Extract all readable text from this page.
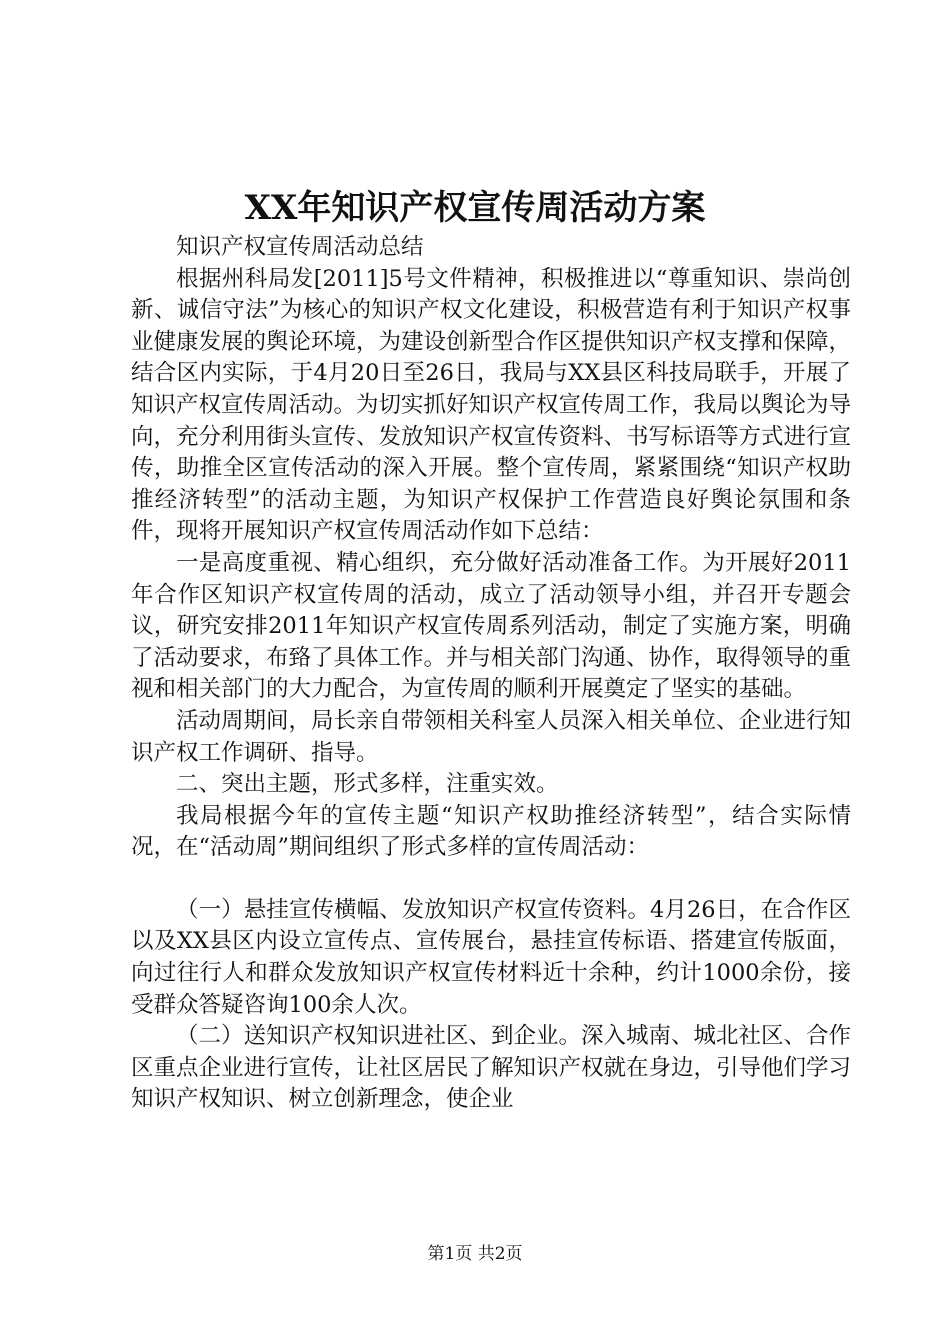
XX年知识产权宣传周活动方案

知识产权宣传周活动总结

根据州科局发[2011]5号文件精神，积极推进以“尊重知识、崇尚创新、诚信守法”为核心的知识产权文化建设，积极营造有利于知识产权事业健康发展的舆论环境，为建设创新型合作区提供知识产权支撑和保障，结合区内实际，于4月20日至26日，我局与XX县区科技局联手，开展了知识产权宣传周活动。为切实抓好知识产权宣传周工作，我局以舆论为导向，充分利用街头宣传、发放知识产权宣传资料、书写标语等方式进行宣传，助推全区宣传活动的深入开展。整个宣传周，紧紧围绕“知识产权助推经济转型”的活动主题，为知识产权保护工作营造良好舆论氛围和条件，现将开展知识产权宣传周活动作如下总结：

一是高度重视、精心组织，充分做好活动准备工作。为开展好2011年合作区知识产权宣传周的活动，成立了活动领导小组，并召开专题会议，研究安排2011年知识产权宣传周系列活动，制定了实施方案，明确了活动要求，布臵了具体工作。并与相关部门沟通、协作，取得领导的重视和相关部门的大力配合，为宣传周的顺利开展奠定了坚实的基础。

活动周期间，局长亲自带领相关科室人员深入相关单位、企业进行知识产权工作调研、指导。

二、突出主题，形式多样，注重实效。

我局根据今年的宣传主题“知识产权助推经济转型”，结合实际情况，在“活动周”期间组织了形式多样的宣传周活动：

（一）悬挂宣传横幅、发放知识产权宣传资料。4月26日，在合作区以及XX县区内设立宣传点、宣传展台，悬挂宣传标语、搭建宣传版面，向过往行人和群众发放知识产权宣传材料近十余种，约计1000余份，接受群众答疑咨询100余人次。

（二）送知识产权知识进社区、到企业。深入城南、城北社区、合作区重点企业进行宣传，让社区居民了解知识产权就在身边，引导他们学习知识产权知识、树立创新理念，使企业

第1页 共2页
